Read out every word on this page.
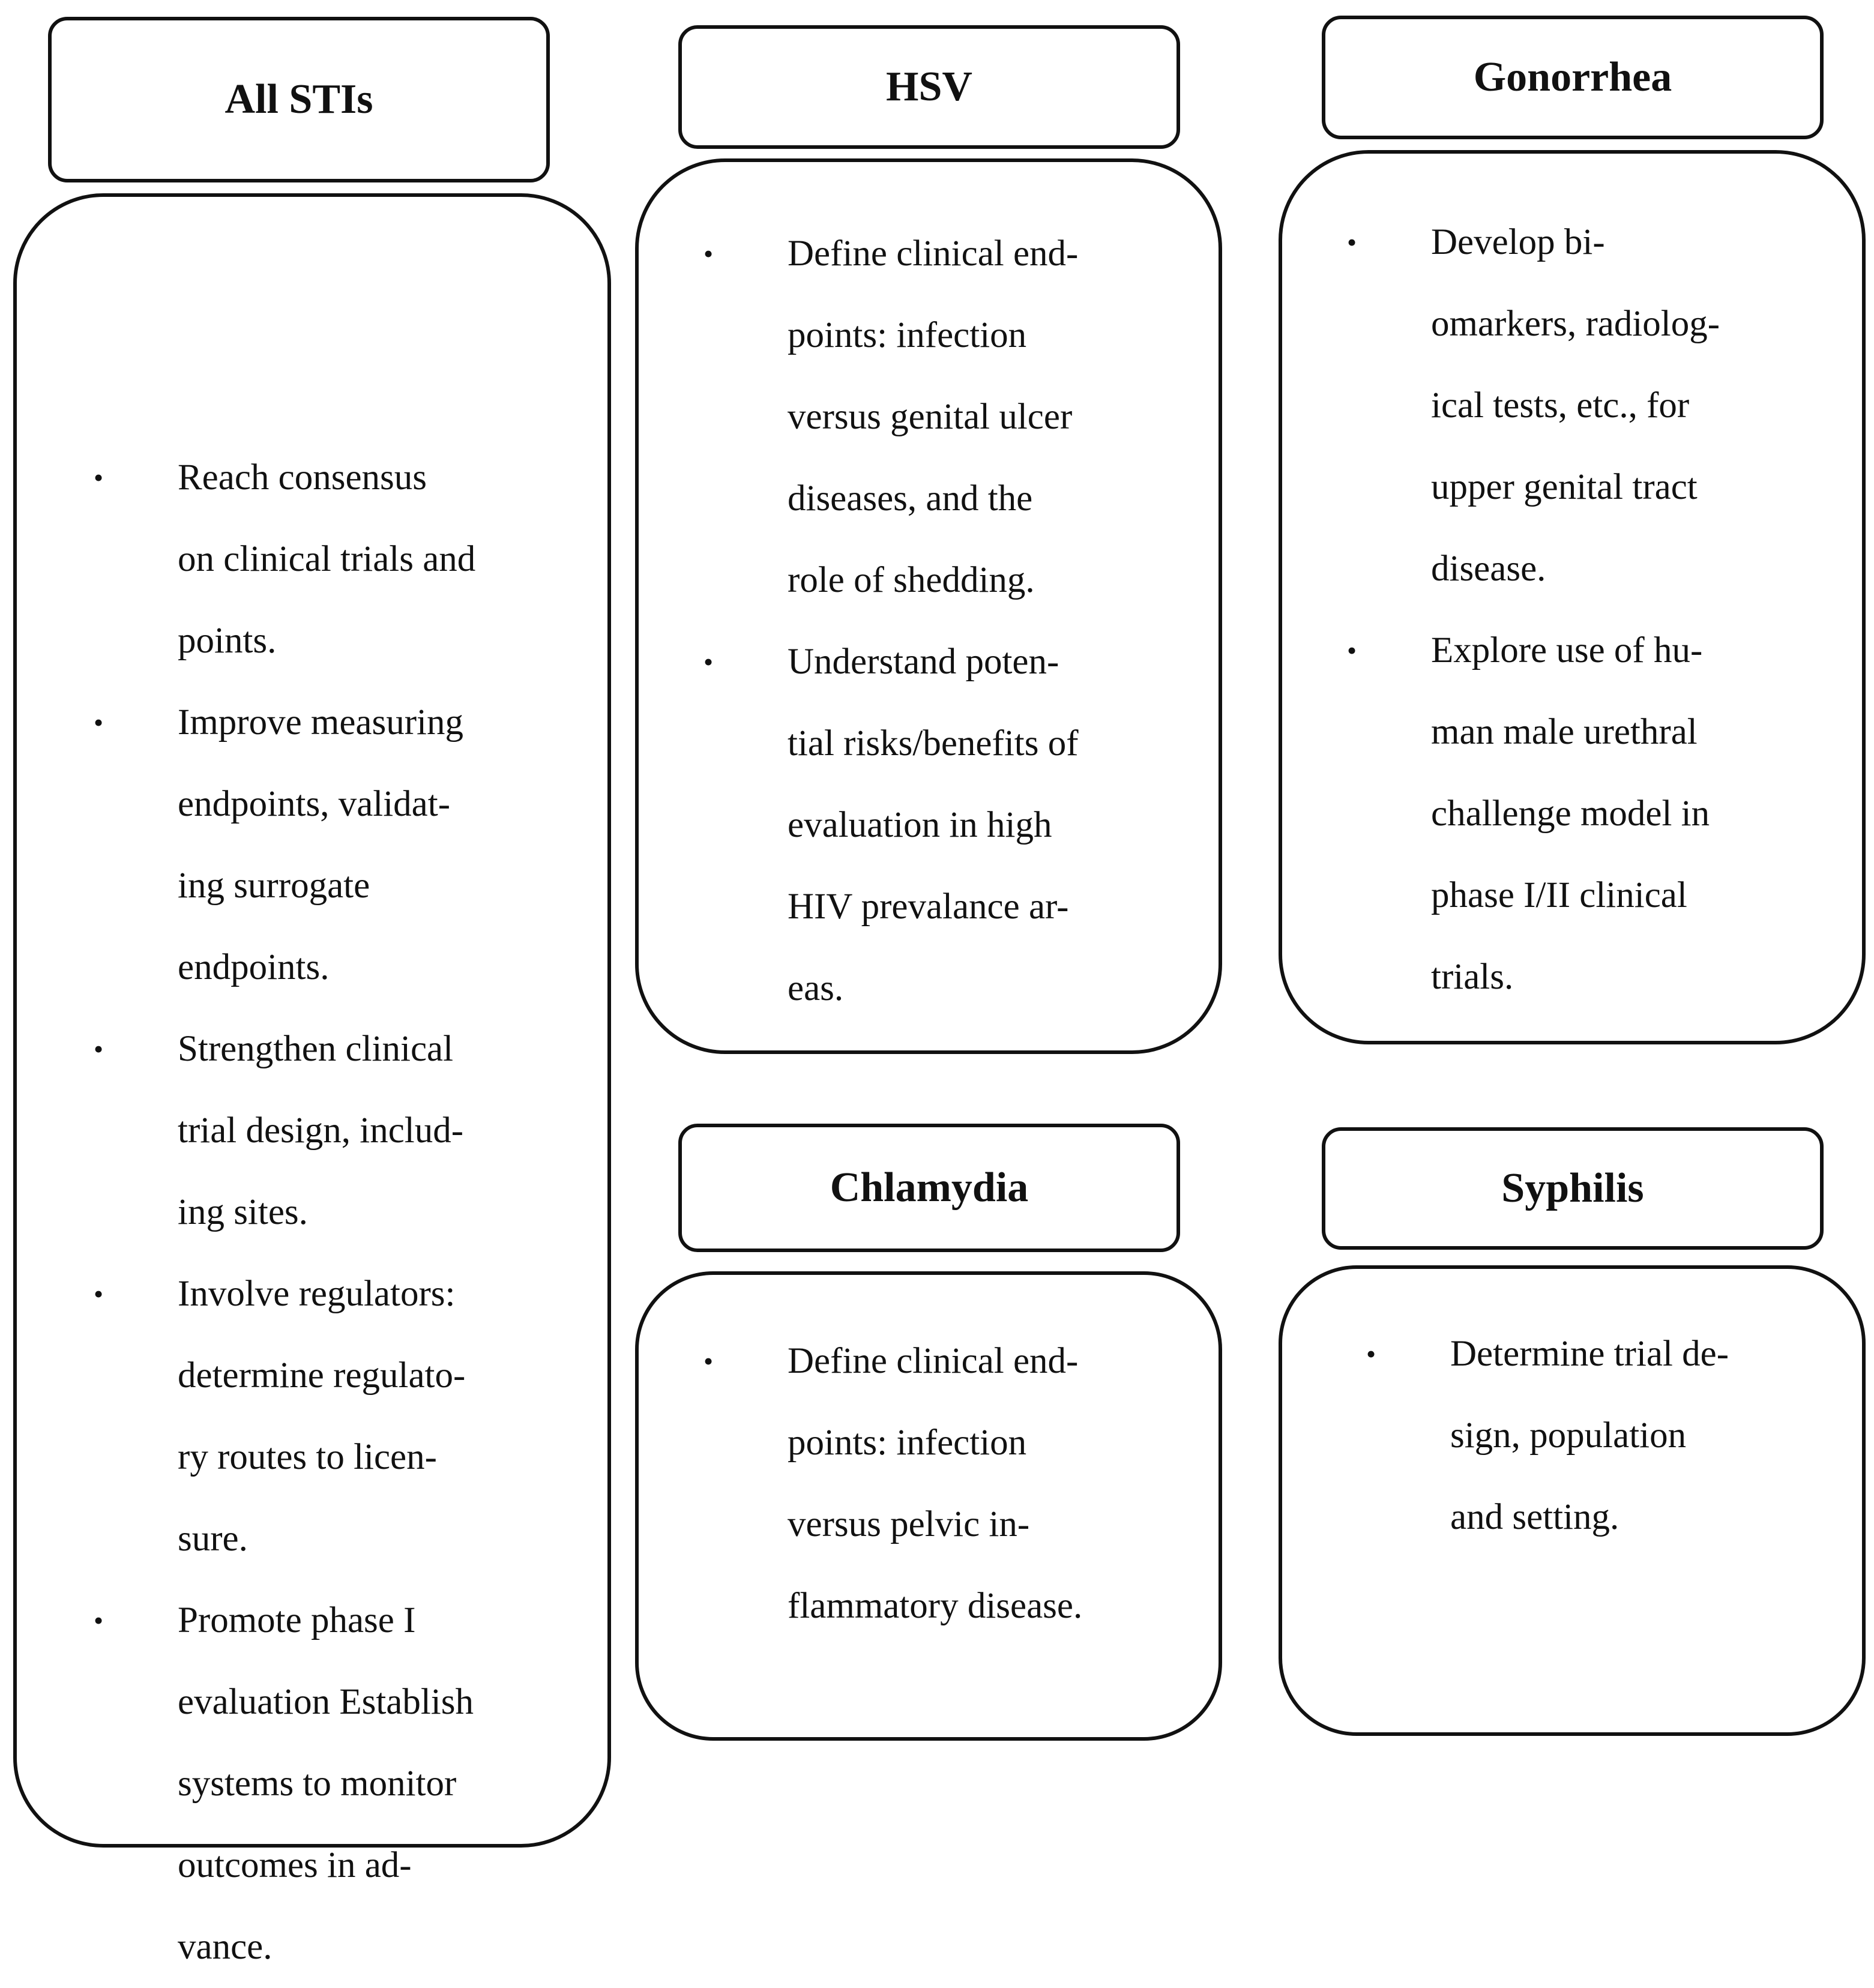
All STIs
• Reach consensus
on clinical trials and
points.
• Improve measuring
endpoints, validat-
ing surrogate
endpoints.
• Strengthen clinical
trial design, includ-
ing sites.
• Involve regulators:
determine regulato-
ry routes to licen-
sure.
• Promote phase I
evaluation Establish
systems to monitor
outcomes in ad-
vance.
HSV
• Define clinical end-
points: infection
versus genital ulcer
diseases, and the
role of shedding.
• Understand poten-
tial risks/benefits of
evaluation in high
HIV prevalance ar-
eas.
Gonorrhea
• Develop bi-
omarkers, radiolog-
ical tests, etc., for
upper genital tract
disease.
• Explore use of hu-
man male urethral
challenge model in
phase I/II clinical
trials.
Chlamydia
• Define clinical end-
points: infection
versus pelvic in-
flammatory disease.
Syphilis
• Determine trial de-
sign, population
and setting.
